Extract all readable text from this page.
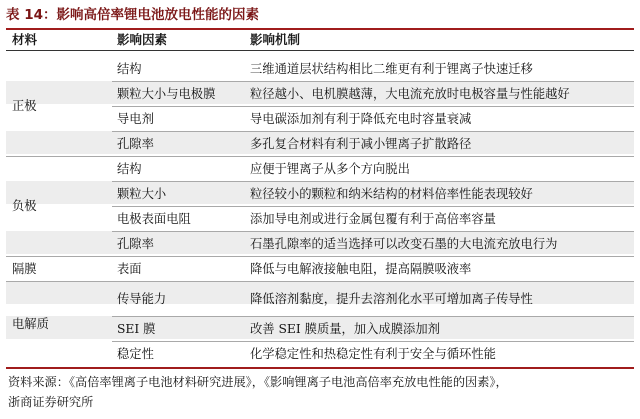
表 14：影响高倍率锂电池放电性能的因素
材料	影响因素	影响机制
正极
结构	三维通道层状结构相比二维更有利于锂离子快速迁移
颗粒大小与电极膜	粒径越小、电机膜越薄，大电流充放时电极容量与性能越好
导电剂	导电碳添加剂有利于降低充电时容量衰减
孔隙率	多孔复合材料有利于减小锂离子扩散路径
负极
结构	应便于锂离子从多个方向脱出
颗粒大小	粒径较小的颗粒和纳米结构的材料倍率性能表现较好
电极表面电阻	添加导电剂或进行金属包覆有利于高倍率容量
孔隙率	石墨孔隙率的适当选择可以改变石墨的大电流充放电行为
隔膜	表面	降低与电解液接触电阻，提高隔膜吸液率
电解质
传导能力	降低溶剂黏度，提升去溶剂化水平可增加离子传导性
SEI 膜	改善 SEI 膜质量，加入成膜添加剂
稳定性	化学稳定性和热稳定性有利于安全与循环性能
资料来源：《高倍率锂离子电池材料研究进展》，《影响锂离子电池高倍率充放电性能的因素》，
浙商证券研究所
